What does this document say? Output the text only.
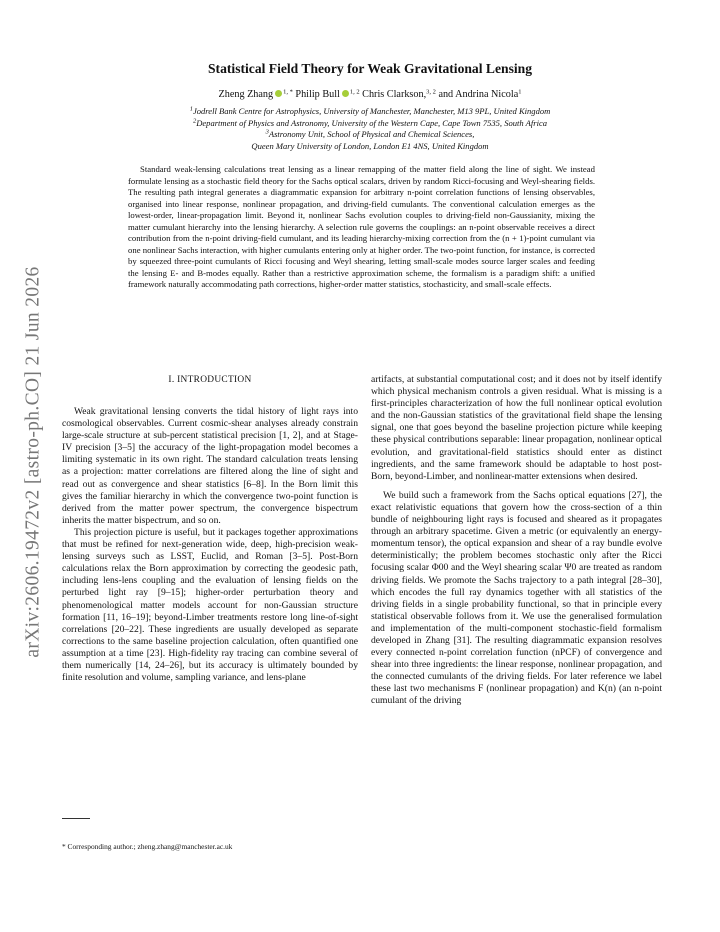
arXiv:2606.19472v2 [astro-ph.CO] 21 Jun 2026
Statistical Field Theory for Weak Gravitational Lensing
Zheng Zhang $^{1, *}$ Philip Bull $^{1, 2}$ Chris Clarkson,$^{3, 2}$ and Andrina Nicola$^1$
$^1$Jodrell Bank Centre for Astrophysics, University of Manchester, Manchester, M13 9PL, United Kingdom
$^2$Department of Physics and Astronomy, University of the Western Cape, Cape Town 7535, South Africa
$^3$Astronomy Unit, School of Physical and Chemical Sciences,
Queen Mary University of London, London E1 4NS, United Kingdom
Standard weak-lensing calculations treat lensing as a linear remapping of the matter field along the line of sight. We instead formulate lensing as a stochastic field theory for the Sachs optical scalars, driven by random Ricci-focusing and Weyl-shearing fields. The resulting path integral generates a diagrammatic expansion for arbitrary n-point correlation functions of lensing observables, organised into linear response, nonlinear propagation, and driving-field cumulants. The conventional calculation emerges as the lowest-order, linear-propagation limit. Beyond it, nonlinear Sachs evolution couples to driving-field non-Gaussianity, mixing the matter cumulant hierarchy into the lensing hierarchy. A selection rule governs the couplings: an n-point observable receives a direct contribution from the n-point driving-field cumulant, and its leading hierarchy-mixing correction from the (n + 1)-point cumulant via one nonlinear Sachs interaction, with higher cumulants entering only at higher order. The two-point function, for instance, is corrected by squeezed three-point cumulants of Ricci focusing and Weyl shearing, letting small-scale modes source larger scales and feeding the lensing E- and B-modes equally. Rather than a restrictive approximation scheme, the formalism is a paradigm shift: a unified framework naturally accommodating path corrections, higher-order matter statistics, stochasticity, and small-scale effects.
I. INTRODUCTION

Weak gravitational lensing converts the tidal history of light rays into cosmological observables. Current cosmic-shear analyses already constrain large-scale structure at sub-percent statistical precision [1, 2], and at Stage-IV precision [3–5] the accuracy of the light-propagation model becomes a limiting systematic in its own right. The standard calculation treats lensing as a projection: matter correlations are filtered along the line of sight and read out as convergence and shear statistics [6–8]. In the Born limit this gives the familiar hierarchy in which the convergence two-point function is derived from the matter power spectrum, the convergence bispectrum inherits the matter bispectrum, and so on.

This projection picture is useful, but it packages together approximations that must be refined for next-generation wide, deep, high-precision weak-lensing surveys such as LSST, Euclid, and Roman [3–5]. Post-Born calculations relax the Born approximation by correcting the geodesic path, including lens-lens coupling and the evaluation of lensing fields on the perturbed light ray [9–15]; higher-order perturbation theory and phenomenological matter models account for non-Gaussian structure formation [11, 16–19]; beyond-Limber treatments restore long line-of-sight correlations [20–22]. These ingredients are usually developed as separate corrections to the same baseline projection calculation, often quantified one assumption at a time [23]. High-fidelity ray tracing can combine several of them numerically [14, 24–26], but its accuracy is ultimately bounded by finite resolution and volume, sampling variance, and lens-plane

artifacts, at substantial computational cost; and it does not by itself identify which physical mechanism controls a given residual. What is missing is a first-principles characterization of how the full nonlinear optical evolution and the non-Gaussian statistics of the gravitational field shape the lensing signal, one that goes beyond the baseline projection picture while keeping these physical contributions separable: linear propagation, nonlinear optical evolution, and gravitational-field statistics should enter as distinct ingredients, and the same framework should be adaptable to host post-Born, beyond-Limber, and nonlinear-matter extensions when desired.

We build such a framework from the Sachs optical equations [27], the exact relativistic equations that govern how the cross-section of a thin bundle of neighbouring light rays is focused and sheared as it propagates through an arbitrary spacetime. Given a metric (or equivalently an energy-momentum tensor), the optical expansion and shear of a ray bundle evolve deterministically; the problem becomes stochastic only after the Ricci focusing scalar Φ00 and the Weyl shearing scalar Ψ0 are treated as random driving fields. We promote the Sachs trajectory to a path integral [28–30], which encodes the full ray dynamics together with all statistics of the driving fields in a single probability functional, so that in principle every statistical observable follows from it. We use the generalised formulation and implementation of the multi-component stochastic-field formalism developed in Zhang [31]. The resulting diagrammatic expansion resolves every connected n-point correlation function (nPCF) of convergence and shear into three ingredients: the linear response, nonlinear propagation, and the connected cumulants of the driving fields. For later reference we label these last two mechanisms F (nonlinear propagation) and K(n) (an n-point cumulant of the driving

* Corresponding author.; zheng.zhang@manchester.ac.uk
